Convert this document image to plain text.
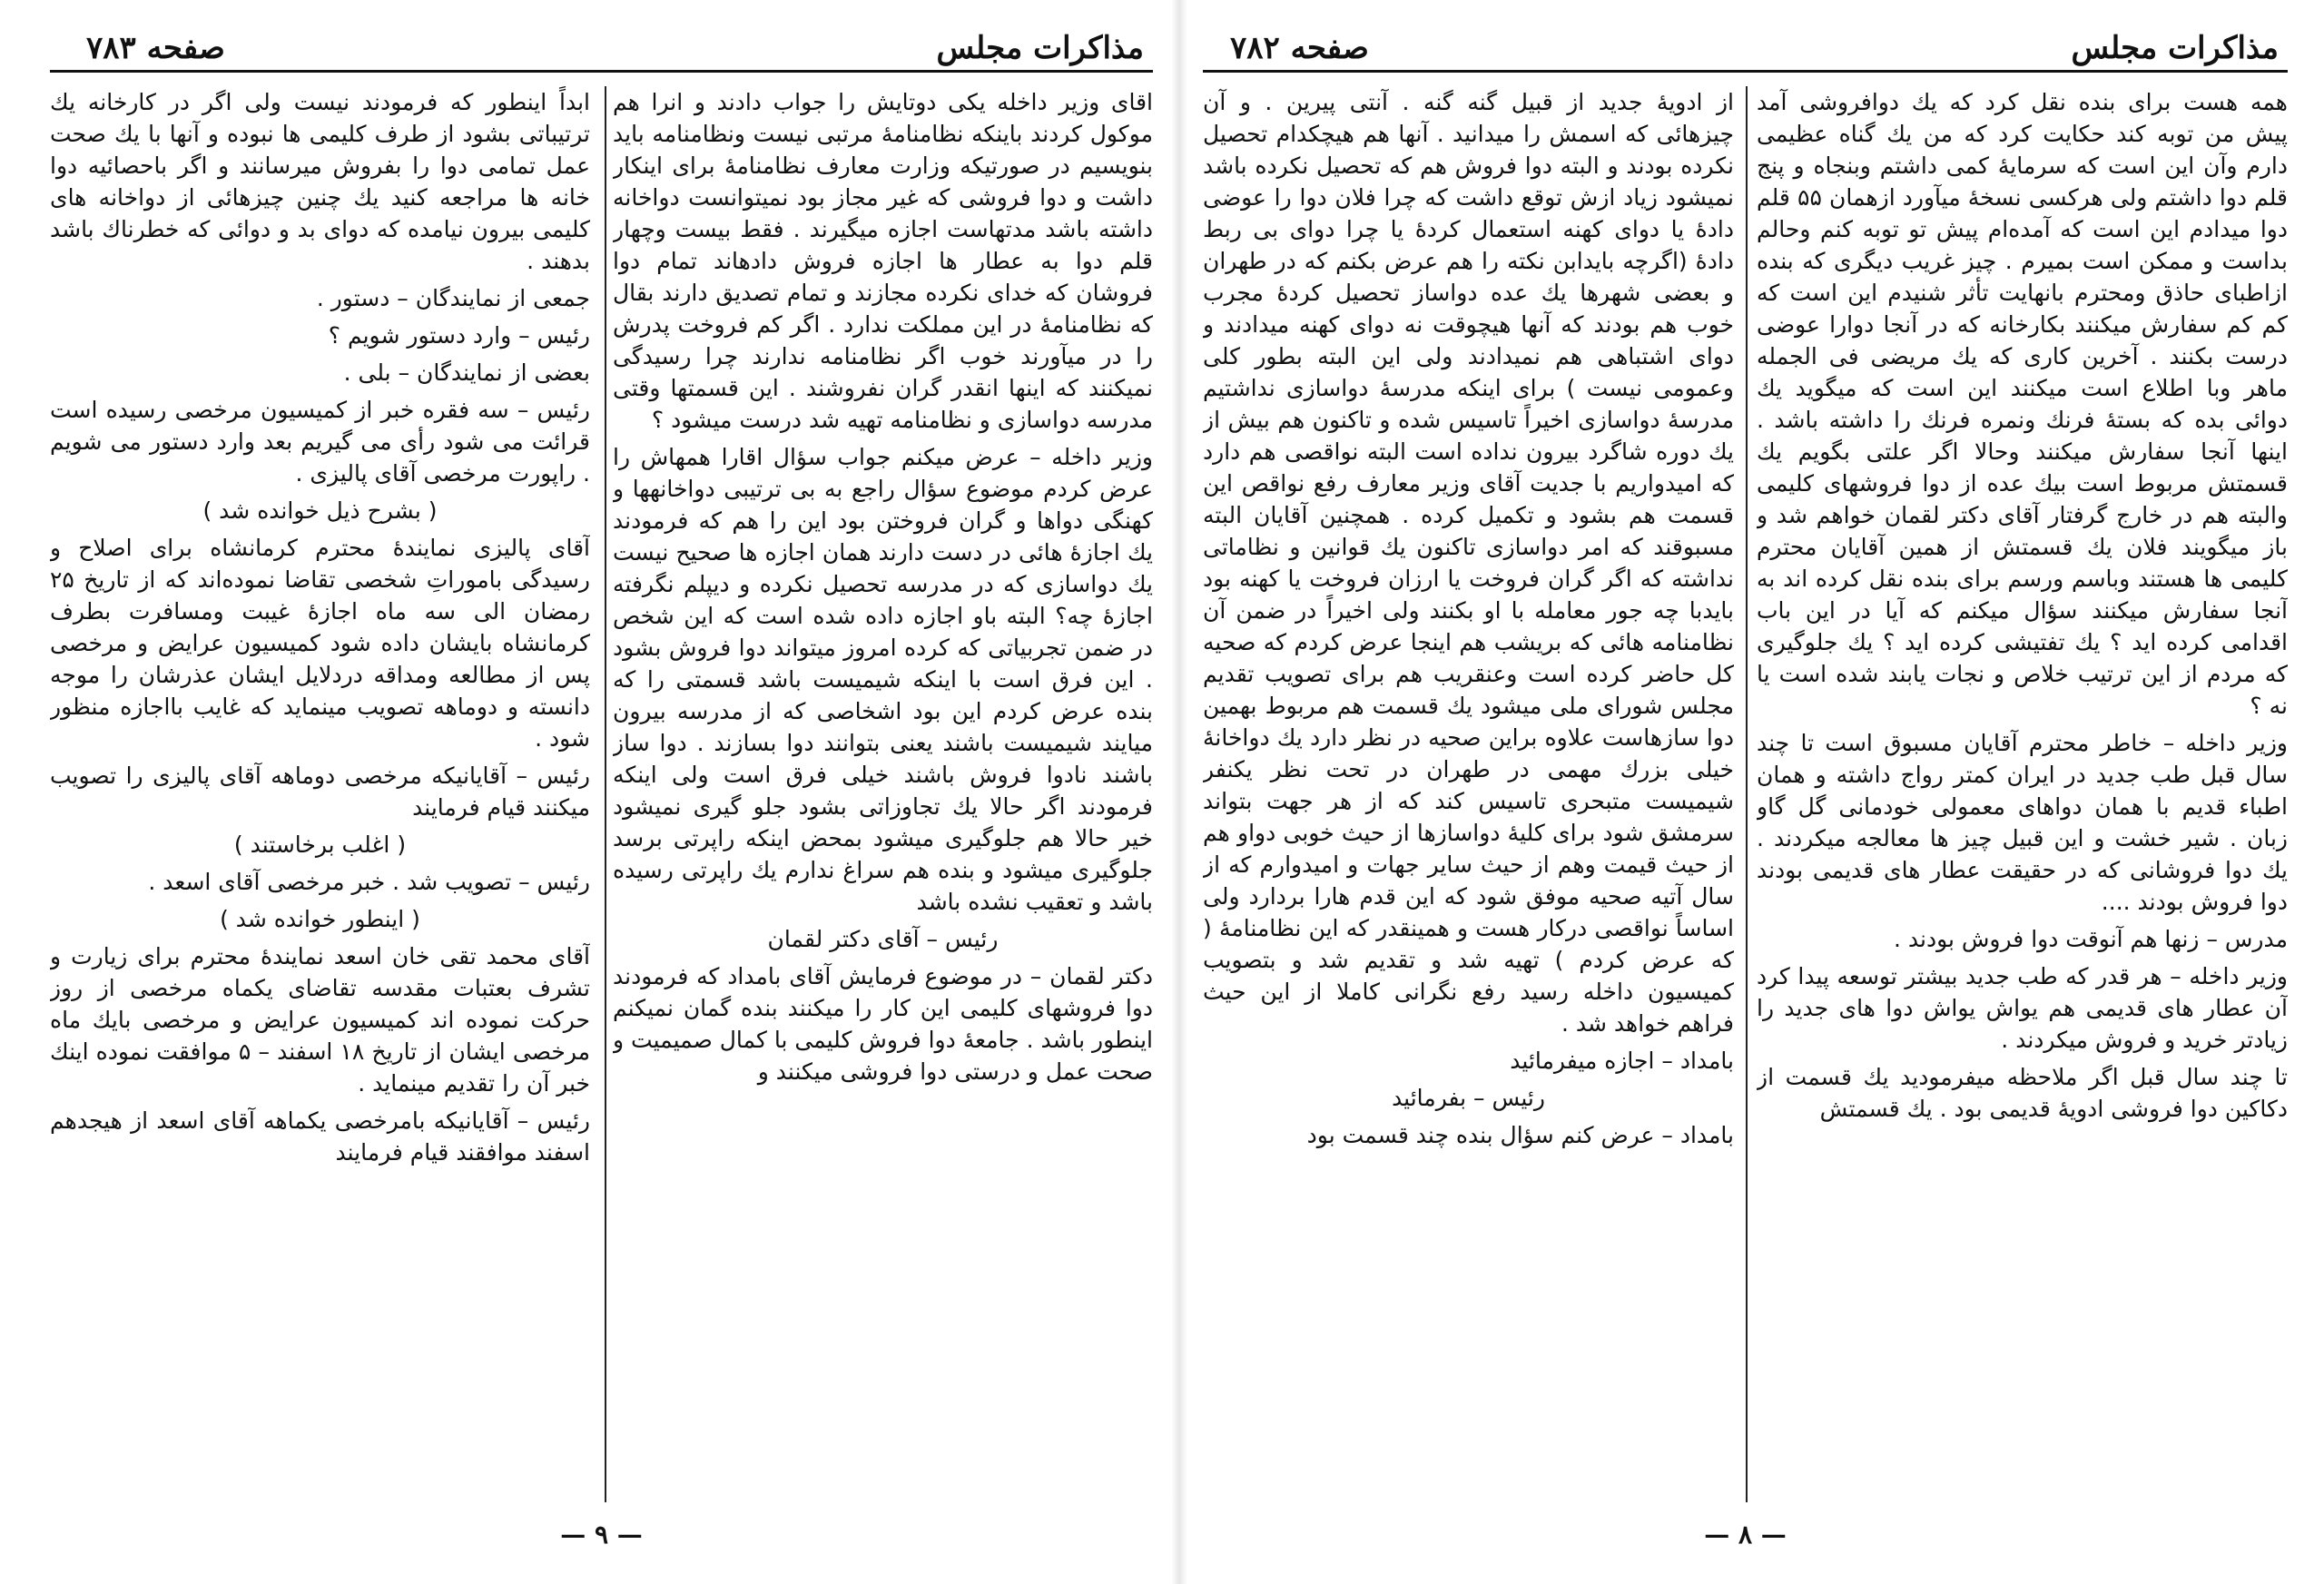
صفحه ۷۸۳	مذاکرات مجلس

اقای وزیر داخله یکی دوتایش را جواب دادند و انرا هم موکول کردند باینکه نظامنامهٔ مرتبی نیست ونظامنامه باید بنویسیم در صورتیکه وزارت معارف نظامنامهٔ برای اینکار داشت و دوا فروشی که غیر مجاز بود نمیتوانست دواخانه داشته باشد مدتهاست اجازه میگیرند . فقط بیست وچهار قلم دوا به عطار ها اجازه فروش دادهاند تمام دوا فروشان که خدای نکرده مجازند و تمام تصدیق دارند بقال که نظامنامهٔ در این مملکت ندارد . اگر کم فروخت پدرش را در میآورند خوب اگر نظامنامه ندارند چرا رسیدگی نمیکنند که اینها انقدر گران نفروشند . این قسمتها وقتی مدرسه دواسازی و نظامنامه تهیه شد درست میشود ؟

وزیر داخله – عرض میکنم جواب سؤال اقارا همهاش را عرض کردم موضوع سؤال راجع به بی ترتیبی دواخانهها و کهنگی دواها و گران فروختن بود این را هم که فرمودند یك اجازهٔ هائی در دست دارند همان اجازه ها صحیح نیست یك دواسازی که در مدرسه تحصیل نکرده و دیپلم نگرفته اجازهٔ چه؟ البته باو اجازه داده شده است که این شخص در ضمن تجربیاتی که کرده امروز میتواند دوا فروش بشود . این فرق است با اینکه شیمیست باشد قسمتی را که بنده عرض کردم این بود اشخاصی که از مدرسه بیرون میایند شیمیست باشند یعنی بتوانند دوا بسازند . دوا ساز باشند نادوا فروش باشند خیلی فرق است ولی اینکه فرمودند اگر حالا یك تجاوزاتی بشود جلو گیری نمیشود خیر حالا هم جلوگیری میشود بمحض اینکه راپرتی برسد جلوگیری میشود و بنده هم سراغ ندارم یك راپرتی رسیده باشد و تعقیب نشده باشد

رئیس – آقای دکتر لقمان

دکتر لقمان – در موضوع فرمایش آقای بامداد که فرمودند دوا فروشهای کلیمی این کار را میکنند بنده گمان نمیکنم اینطور باشد . جامعهٔ دوا فروش کلیمی با کمال صمیمیت و صحت عمل و درستی دوا فروشی میکنند و

ابداً اینطور که فرمودند نیست ولی اگر در کارخانه یك ترتیباتی بشود از طرف کلیمی ها نبوده و آنها با یك صحت عمل تمامی دوا را بفروش میرسانند و اگر باحصائیه دوا خانه ها مراجعه کنید یك چنین چیزهائی از دواخانه های کلیمی بیرون نیامده که دوای بد و دوائی که خطرناك باشد بدهند .

جمعی از نمایندگان – دستور .

رئیس – وارد دستور شویم ؟

بعضی از نمایندگان – بلی .

رئیس – سه فقره خبر از کمیسیون مرخصی رسیده است قرائت می شود رأی می گیریم بعد وارد دستور می شویم . راپورت مرخصی آقای پالیزی .

( بشرح ذیل خوانده شد )

آقای پالیزی نمایندهٔ محترم کرمانشاه برای اصلاح و رسیدگی باموراتِ شخصی تقاضا نموده‌اند که از تاریخ ۲۵ رمضان الی سه ماه اجازهٔ غیبت ومسافرت بطرف کرمانشاه بایشان داده شود کمیسیون عرایض و مرخصی پس از مطالعه ومداقه دردلایل ایشان عذرشان را موجه دانسته و دوماهه تصویب مینماید که غایب بااجازه منظور شود .

رئیس – آقایانیکه مرخصی دوماهه آقای پالیزی را تصویب میکنند قیام فرمایند

( اغلب برخاستند )

رئیس – تصویب شد . خبر مرخصی آقای اسعد .

( اینطور خوانده شد )

آقای محمد تقی خان اسعد نمایندهٔ محترم برای زیارت و تشرف بعتبات مقدسه تقاضای یکماه مرخصی از روز حرکت نموده اند کمیسیون عرایض و مرخصی بایك ماه مرخصی ایشان از تاریخ ۱۸ اسفند – ۵ موافقت نموده اینك خبر آن را تقدیم مینماید .

رئیس – آقایانیکه بامرخصی یکماهه آقای اسعد از هیجدهم اسفند موافقند قیام فرمایند

— ۹ —
صفحه ۷۸۲	مذاکرات مجلس

همه هست برای بنده نقل کرد که یك دوافروشی آمد پیش من توبه کند حکایت کرد که من یك گناه عظیمی دارم وآن این است که سرمایهٔ کمی داشتم وبنجاه و پنج قلم دوا داشتم ولی هرکسی نسخهٔ میآورد ازهمان ۵۵ قلم دوا میدادم این است که آمده‌ام پیش تو توبه کنم وحالم بداست و ممکن است بمیرم . چیز غریب دیگری که بنده ازاطبای حاذق ومحترم بانهایت تأثر شنیدم این است که کم کم سفارش میکنند بکارخانه که در آنجا دوارا عوضی درست بکنند . آخرین کاری که یك مریضی فی الجمله ماهر وبا اطلاع است میکنند این است که میگوید یك دوائی بده که بستهٔ فرنك ونمره فرنك را داشته باشد . اینها آنجا سفارش میکنند وحالا اگر علتی بگویم یك قسمتش مربوط است بیك عده از دوا فروشهای کلیمی والبته هم در خارج گرفتار آقای دکتر لقمان خواهم شد و باز میگویند فلان یك قسمتش از همین آقایان محترم کلیمی ها هستند وباسم ورسم برای بنده نقل کرده اند به آنجا سفارش میکنند سؤال میکنم که آیا در این باب اقدامی کرده اید ؟ یك تفتیشی کرده اید ؟ یك جلوگیری که مردم از این ترتیب خلاص و نجات یابند شده است یا نه ؟

وزیر داخله – خاطر محترم آقایان مسبوق است تا چند سال قبل طب جدید در ایران کمتر رواج داشته و همان اطباء قدیم با همان دواهای معمولی خودمانی گل گاو زبان . شیر خشت و این قبیل چیز ها معالجه میکردند . یك دوا فروشانی که در حقیقت عطار های قدیمی بودند دوا فروش بودند ....

مدرس – زنها هم آنوقت دوا فروش بودند .

وزیر داخله – هر قدر که طب جدید بیشتر توسعه پیدا کرد آن عطار های قدیمی هم یواش یواش دوا های جدید را زیادتر خرید و فروش میکردند .

تا چند سال قبل اگر ملاحظه میفرمودید یك قسمت از دکاکین دوا فروشی ادویهٔ قدیمی بود . یك قسمتش

از ادویهٔ جدید از قبیل گنه گنه . آنتی پیرین . و آن چیزهائی که اسمش را میدانید . آنها هم هیچکدام تحصیل نکرده بودند و البته دوا فروش هم که تحصیل نکرده باشد نمیشود زیاد ازش توقع داشت که چرا فلان دوا را عوضی دادهٔ یا دوای کهنه استعمال کردهٔ یا چرا دوای بی ربط دادهٔ (اگرچه بایدابن نکته را هم عرض بکنم که در طهران و بعضی شهرها یك عده دواساز تحصیل کردهٔ مجرب خوب هم بودند که آنها هیچوقت نه دوای کهنه میدادند و دوای اشتباهی هم نمیدادند ولی این البته بطور کلی وعمومی نیست ) برای اینکه مدرسهٔ دواسازی نداشتیم مدرسهٔ دواسازی اخیراً تاسیس شده و تاکنون هم بیش از یك دوره شاگرد بیرون نداده است البته نواقصی هم دارد که امیدواریم با جدیت آقای وزیر معارف رفع نواقص این قسمت هم بشود و تکمیل کرده . همچنین آقایان البته مسبوقند که امر دواسازی تاکنون یك قوانین و نظاماتی نداشته که اگر گران فروخت یا ارزان فروخت یا کهنه بود بایدبا چه جور معامله با او بکنند ولی اخیراً در ضمن آن نظامنامه هائی که بریشب هم اینجا عرض کردم که صحیه کل حاضر کرده است وعنقریب هم برای تصویب تقدیم مجلس شورای ملی میشود یك قسمت هم مربوط بهمین دوا سازهاست علاوه براین صحیه در نظر دارد یك دواخانهٔ خیلی بزرك مهمی در طهران در تحت نظر یکنفر شیمیست متبحری تاسیس کند که از هر جهت بتواند سرمشق شود برای کلیهٔ دواسازها از حیث خوبی دواو هم از حیث قیمت وهم از حیث سایر جهات و امیدوارم که از سال آتیه صحیه موفق شود که این قدم هارا بردارد ولی اساساً نواقصی درکار هست و همینقدر که این نظامنامهٔ ( که عرض کردم ) تهیه شد و تقدیم شد و بتصویب کمیسیون داخله رسید رفع نگرانی کاملا از این حیث فراهم خواهد شد .

بامداد – اجازه میفرمائید

رئیس – بفرمائید

بامداد – عرض کنم سؤال بنده چند قسمت بود

— ۸ —
